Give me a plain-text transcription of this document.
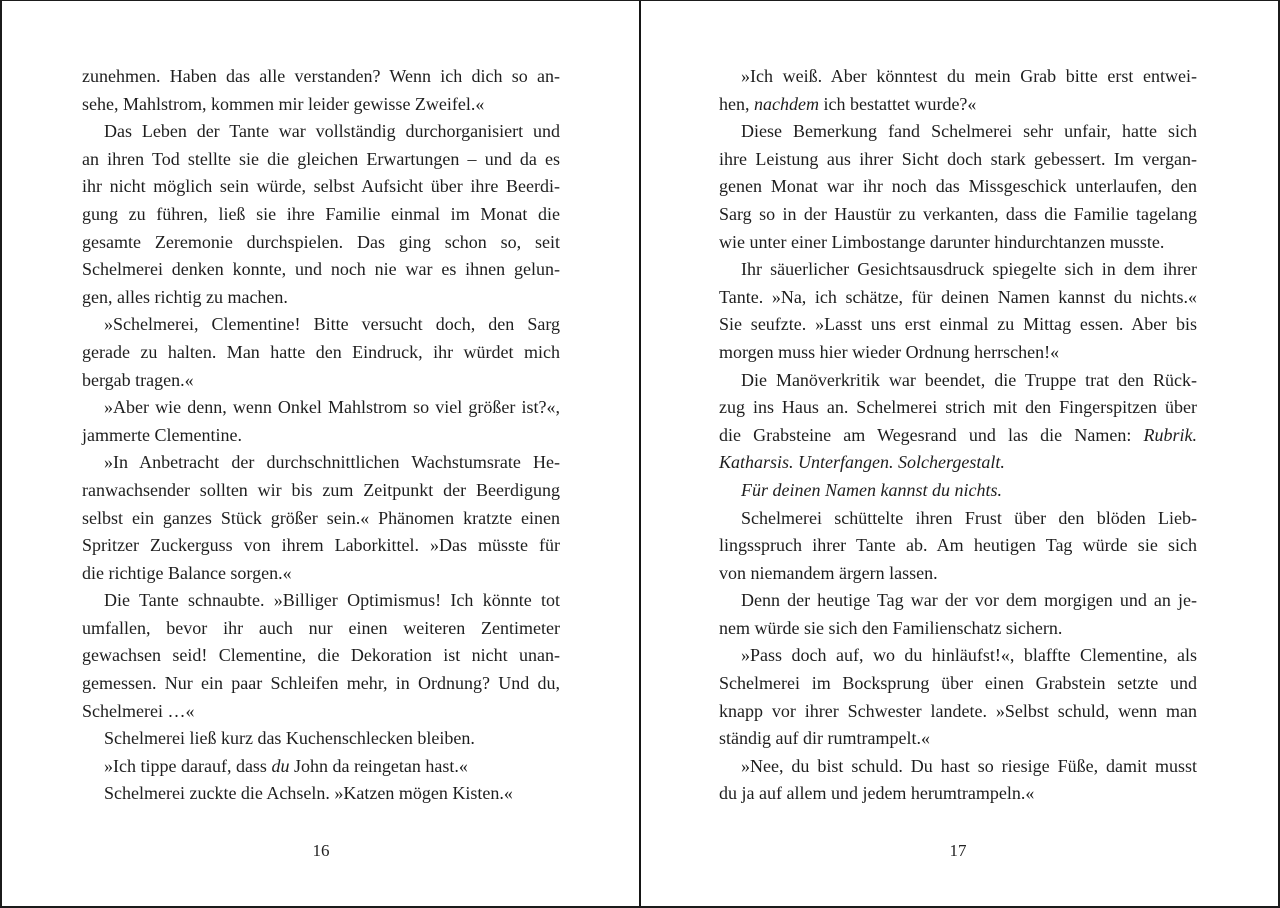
zunehmen. Haben das alle verstanden? Wenn ich dich so an-
sehe, Mahlstrom, kommen mir leider gewisse Zweifel.«
Das Leben der Tante war vollständig durchorganisiert und
an ihren Tod stellte sie die gleichen Erwartungen – und da es
ihr nicht möglich sein würde, selbst Aufsicht über ihre Beerdi-
gung zu führen, ließ sie ihre Familie einmal im Monat die
gesamte Zeremonie durchspielen. Das ging schon so, seit
Schelmerei denken konnte, und noch nie war es ihnen gelun-
gen, alles richtig zu machen.
»Schelmerei, Clementine! Bitte versucht doch, den Sarg
gerade zu halten. Man hatte den Eindruck, ihr würdet mich
bergab tragen.«
»Aber wie denn, wenn Onkel Mahlstrom so viel größer ist?«,
jammerte Clementine.
»In Anbetracht der durchschnittlichen Wachstumsrate He-
ranwachsender sollten wir bis zum Zeitpunkt der Beerdigung
selbst ein ganzes Stück größer sein.« Phänomen kratzte einen
Spritzer Zuckerguss von ihrem Laborkittel. »Das müsste für
die richtige Balance sorgen.«
Die Tante schnaubte. »Billiger Optimismus! Ich könnte tot
umfallen, bevor ihr auch nur einen weiteren Zentimeter
gewachsen seid! Clementine, die Dekoration ist nicht unan-
gemessen. Nur ein paar Schleifen mehr, in Ordnung? Und du,
Schelmerei …«
Schelmerei ließ kurz das Kuchenschlecken bleiben.
»Ich tippe darauf, dass du John da reingetan hast.«
Schelmerei zuckte die Achseln. »Katzen mögen Kisten.«
16
»Ich weiß. Aber könntest du mein Grab bitte erst entwei-
hen, nachdem ich bestattet wurde?«
Diese Bemerkung fand Schelmerei sehr unfair, hatte sich
ihre Leistung aus ihrer Sicht doch stark gebessert. Im vergan-
genen Monat war ihr noch das Missgeschick unterlaufen, den
Sarg so in der Haustür zu verkanten, dass die Familie tagelang
wie unter einer Limbostange darunter hindurchtanzen musste.
Ihr säuerlicher Gesichtsausdruck spiegelte sich in dem ihrer
Tante. »Na, ich schätze, für deinen Namen kannst du nichts.«
Sie seufzte. »Lasst uns erst einmal zu Mittag essen. Aber bis
morgen muss hier wieder Ordnung herrschen!«
Die Manöverkritik war beendet, die Truppe trat den Rück-
zug ins Haus an. Schelmerei strich mit den Fingerspitzen über
die Grabsteine am Wegesrand und las die Namen: Rubrik.
Katharsis. Unterfangen. Solchergestalt.
Für deinen Namen kannst du nichts.
Schelmerei schüttelte ihren Frust über den blöden Lieb-
lingsspruch ihrer Tante ab. Am heutigen Tag würde sie sich
von niemandem ärgern lassen.
Denn der heutige Tag war der vor dem morgigen und an je-
nem würde sie sich den Familienschatz sichern.
»Pass doch auf, wo du hinläufst!«, blaffte Clementine, als
Schelmerei im Bocksprung über einen Grabstein setzte und
knapp vor ihrer Schwester landete. »Selbst schuld, wenn man
ständig auf dir rumtrampelt.«
»Nee, du bist schuld. Du hast so riesige Füße, damit musst
du ja auf allem und jedem herumtrampeln.«
17
